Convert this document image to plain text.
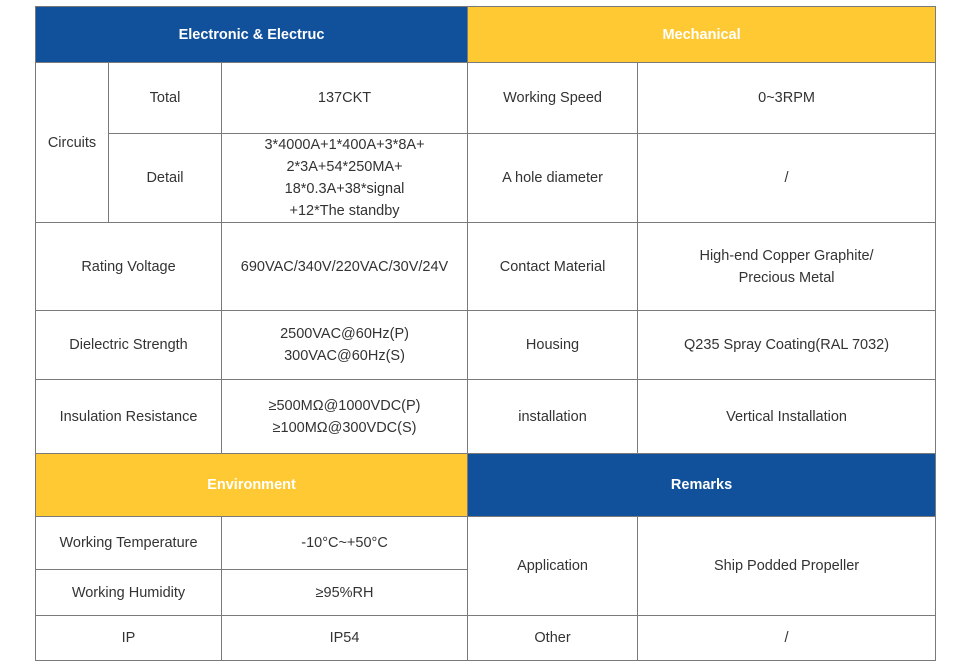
Electronic & Electruc			Mechanical	
Circuits	Total	137CKT	Working Speed	0~3RPM
	Detail	3*4000A+1*400A+3*8A+
2*3A+54*250MA+
18*0.3A+38*signal
+12*The standby	A hole diameter	/
Rating Voltage		690VAC/340V/220VAC/30V/24V	Contact Material	High-end Copper Graphite/
Precious Metal

Dielectric Strength		2500VAC@60Hz(P)
300VAC@60Hz(S)	Housing	Q235 Spray Coating(RAL 7032)
Insulation Resistance		≥500MΩ@1000VDC(P)
≥100MΩ@300VDC(S)	installation	Vertical Installation
Environment			Remarks	
Working Temperature		-10°C~+50°C	Application	Ship Podded Propeller
Working Humidity		≥95%RH		
IP		IP54	Other	/
